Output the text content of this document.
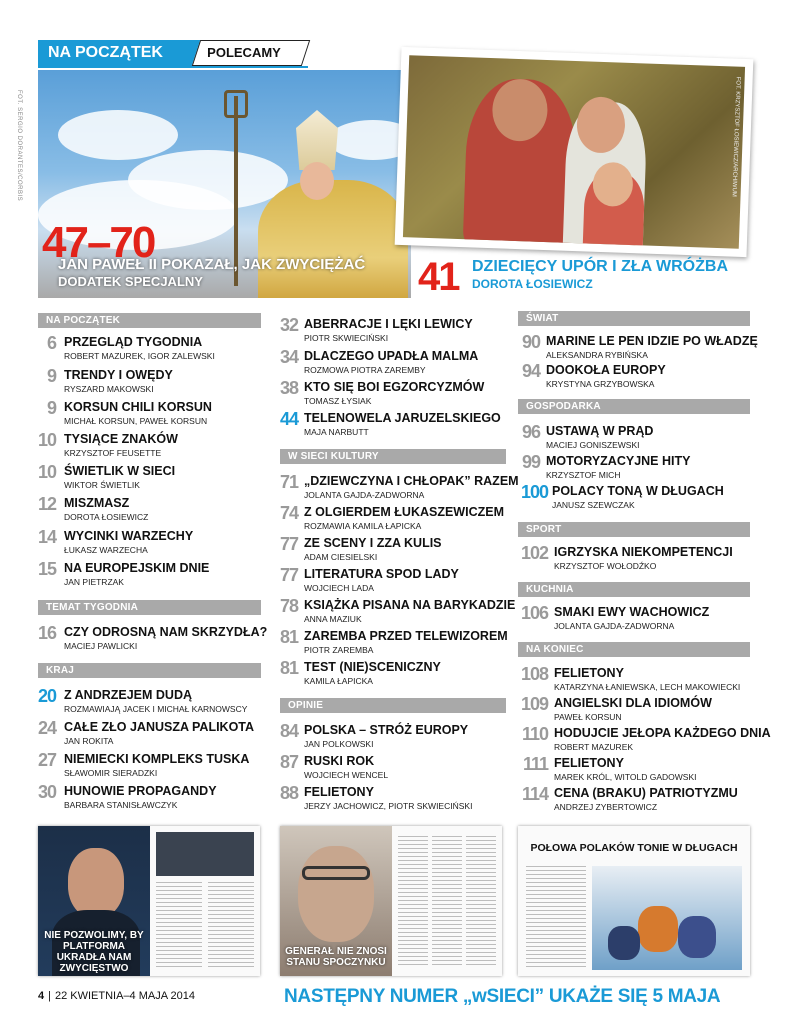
NA POCZĄTEK	POLECAMY
FOT. SERGIO DORANTES/CORBIS
47–70
JAN PAWEŁ II POKAZAŁ, JAK ZWYCIĘŻAĆ
DODATEK SPECJALNY
FOT. KRZYSZTOF ŁOSIEWICZ/ARCHIWUM
41 DZIECIĘCY UPÓR I ZŁA WRÓŻBA
DOROTA ŁOSIEWICZ
NA POCZĄTEK
6 PRZEGLĄD TYGODNIA
ROBERT MAZUREK, IGOR ZALEWSKI
9 TRENDY I OWĘDY
RYSZARD MAKOWSKI
9 KORSUN CHILI KORSUN
MICHAŁ KORSUN, PAWEŁ KORSUN
10 TYSIĄCE ZNAKÓW
KRZYSZTOF FEUSETTE
10 ŚWIETLIK W SIECI
WIKTOR ŚWIETLIK
12 MISZMASZ
DOROTA ŁOSIEWICZ
14 WYCINKI WARZECHY
ŁUKASZ WARZECHA
15 NA EUROPEJSKIM DNIE
JAN PIETRZAK
TEMAT TYGODNIA
16 CZY ODROSNĄ NAM SKRZYDŁA?
MACIEJ PAWLICKI
KRAJ
20 Z ANDRZEJEM DUDĄ
ROZMAWIAJĄ JACEK I MICHAŁ KARNOWSCY
24 CAŁE ZŁO JANUSZA PALIKOTA
JAN ROKITA
27 NIEMIECKI KOMPLEKS TUSKA
SŁAWOMIR SIERADZKI
30 HUNOWIE PROPAGANDY
BARBARA STANISŁAWCZYK
32 ABERRACJE I LĘKI LEWICY
PIOTR SKWIECIŃSKI
34 DLACZEGO UPADŁA MALMA
ROZMOWA PIOTRA ZAREMBY
38 KTO SIĘ BOI EGZORCYZMÓW
TOMASZ ŁYSIAK
44 TELENOWELA JARUZELSKIEGO
MAJA NARBUTT
W SIECI KULTURY
71 „DZIEWCZYNA I CHŁOPAK” RAZEM
JOLANTA GAJDA-ZADWORNA
74 Z OLGIERDEM ŁUKASZEWICZEM
ROZMAWIA KAMILA ŁAPICKA
77 ZE SCENY I ZZA KULIS
ADAM CIESIELSKI
77 LITERATURA SPOD LADY
WOJCIECH LADA
78 KSIĄŻKA PISANA NA BARYKADZIE
ANNA MAZIUK
81 ZAREMBA PRZED TELEWIZOREM
PIOTR ZAREMBA
81 TEST (NIE)SCENICZNY
KAMILA ŁAPICKA
OPINIE
84 POLSKA – STRÓŻ EUROPY
JAN POLKOWSKI
87 RUSKI ROK
WOJCIECH WENCEL
88 FELIETONY
JERZY JACHOWICZ, PIOTR SKWIECIŃSKI
ŚWIAT
90 MARINE LE PEN IDZIE PO WŁADZĘ
ALEKSANDRA RYBIŃSKA
94 DOOKOŁA EUROPY
KRYSTYNA GRZYBOWSKA
GOSPODARKA
96 USTAWĄ W PRĄD
MACIEJ GONISZEWSKI
99 MOTORYZACYJNE HITY
KRZYSZTOF MICH
100 POLACY TONĄ W DŁUGACH
JANUSZ SZEWCZAK
SPORT
102 IGRZYSKA NIEKOMPETENCJI
KRZYSZTOF WOŁODŹKO
KUCHNIA
106 SMAKI EWY WACHOWICZ
JOLANTA GAJDA-ZADWORNA
NA KONIEC
108 FELIETONY
KATARZYNA ŁANIEWSKA, LECH MAKOWIECKI
109 ANGIELSKI DLA IDIOMÓW
PAWEŁ KORSUN
110 HODUJCIE JEŁOPA KAŻDEGO DNIA
ROBERT MAZUREK
111 FELIETONY
MAREK KRÓL, WITOLD GADOWSKI
114 CENA (BRAKU) PATRIOTYZMU
ANDRZEJ ZYBERTOWICZ
NIE POZWOLIMY, BY PLATFORMA UKRADŁA NAM ZWYCIĘSTWO
GENERAŁ NIE ZNOSI STANU SPOCZYNKU
POŁOWA POLAKÓW TONIE W DŁUGACH
4 | 22 KWIETNIA–4 MAJA 2014	NASTĘPNY NUMER „wSIECI” UKAŻE SIĘ 5 MAJA
